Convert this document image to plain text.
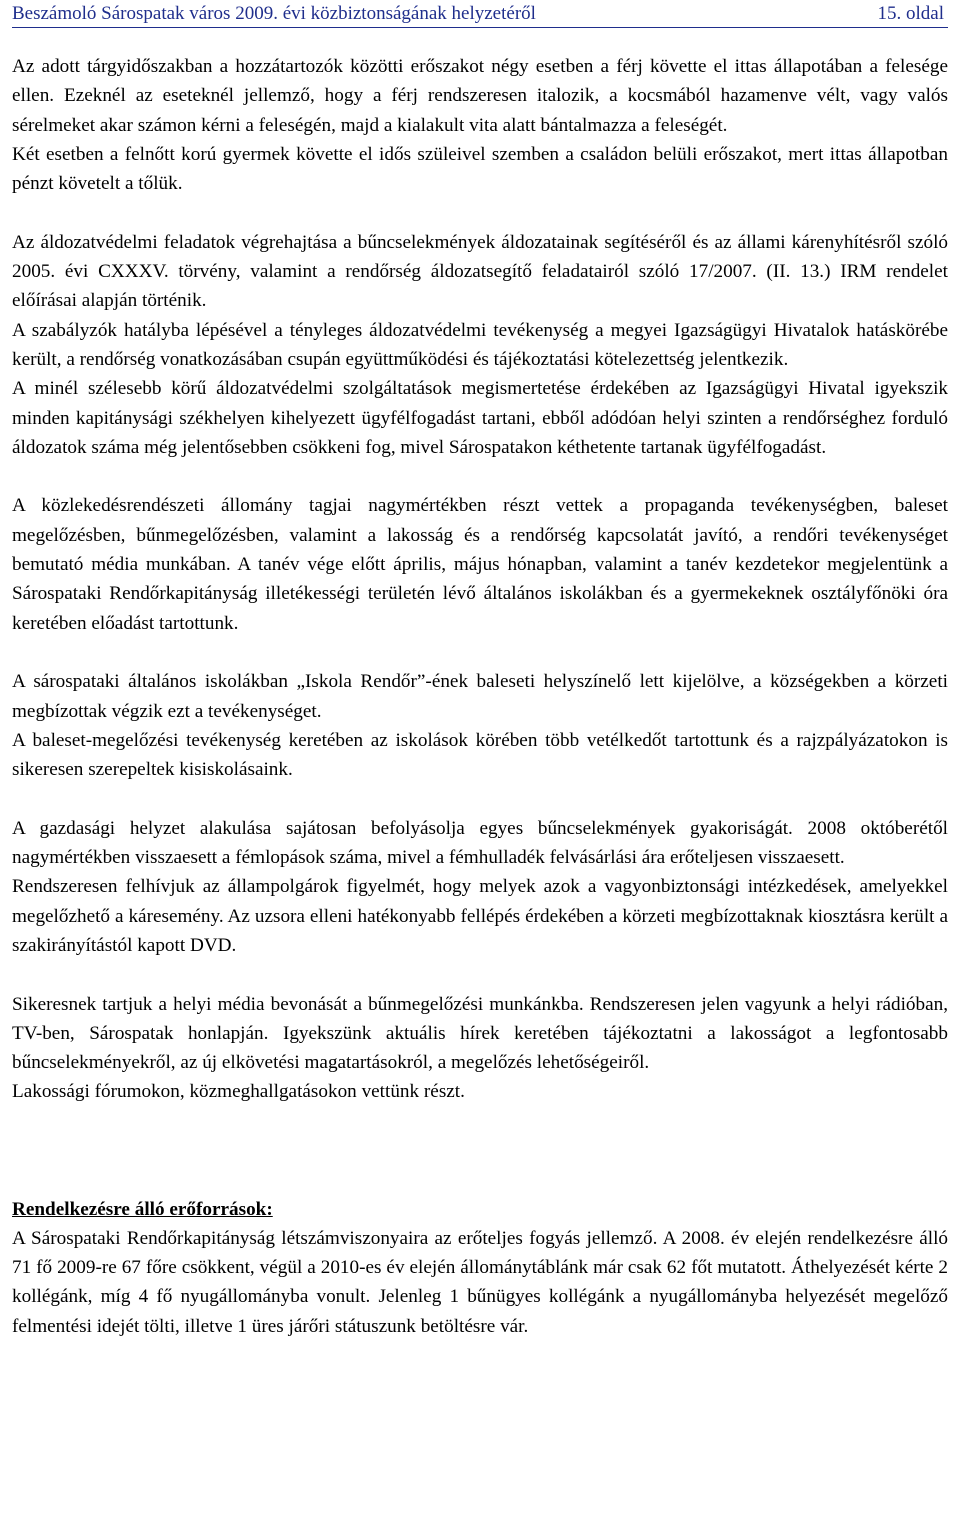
Beszámoló Sárospatak város 2009. évi közbiztonságának helyzetéről	15. oldal

Az adott tárgyidőszakban a hozzátartozók közötti erőszakot négy esetben a férj követte el ittas állapotában a felesége ellen. Ezeknél az eseteknél jellemző, hogy a férj rendszeresen italozik, a kocsmából hazamenve vélt, vagy valós sérelmeket akar számon kérni a feleségén, majd a kialakult vita alatt bántalmazza a feleségét.

Két esetben a felnőtt korú gyermek követte el idős szüleivel szemben a családon belüli erőszakot, mert ittas állapotban pénzt követelt a tőlük.

Az áldozatvédelmi feladatok végrehajtása a bűncselekmények áldozatainak segítéséről és az állami kárenyhítésről szóló 2005. évi CXXXV. törvény, valamint a rendőrség áldozatsegítő feladatairól szóló 17/2007. (II. 13.) IRM rendelet előírásai alapján történik.

A szabályzók hatályba lépésével a tényleges áldozatvédelmi tevékenység a megyei Igazságügyi Hivatalok hatáskörébe került, a rendőrség vonatkozásában csupán együttműködési és tájékoztatási kötelezettség jelentkezik.

A minél szélesebb körű áldozatvédelmi szolgáltatások megismertetése érdekében az Igazságügyi Hivatal igyekszik minden kapitánysági székhelyen kihelyezett ügyfélfogadást tartani, ebből adódóan helyi szinten a rendőrséghez forduló áldozatok száma még jelentősebben csökkeni fog, mivel Sárospatakon kéthetente tartanak ügyfélfogadást.

A közlekedésrendészeti állomány tagjai nagymértékben részt vettek a propaganda tevékenységben, baleset megelőzésben, bűnmegelőzésben, valamint a lakosság és a rendőrség kapcsolatát javító, a rendőri tevékenységet bemutató média munkában. A tanév vége előtt április, május hónapban, valamint a tanév kezdetekor megjelentünk a Sárospataki Rendőrkapitányság illetékességi területén lévő általános iskolákban és a gyermekeknek osztályfőnöki óra keretében előadást tartottunk.

A sárospataki általános iskolákban „Iskola Rendőr”-ének baleseti helyszínelő lett kijelölve, a községekben a körzeti megbízottak végzik ezt a tevékenységet.

A baleset-megelőzési tevékenység keretében az iskolások körében több vetélkedőt tartottunk és a rajzpályázatokon is sikeresen szerepeltek kisiskolásaink.

A gazdasági helyzet alakulása sajátosan befolyásolja egyes bűncselekmények gyakoriságát. 2008 októberétől nagymértékben visszaesett a fémlopások száma, mivel a fémhulladék felvásárlási ára erőteljesen visszaesett.

Rendszeresen felhívjuk az állampolgárok figyelmét, hogy melyek azok a vagyonbiztonsági intézkedések, amelyekkel megelőzhető a káresemény. Az uzsora elleni hatékonyabb fellépés érdekében a körzeti megbízottaknak kiosztásra került a szakirányítástól kapott DVD.

Sikeresnek tartjuk a helyi média bevonását a bűnmegelőzési munkánkba. Rendszeresen jelen vagyunk a helyi rádióban, TV-ben, Sárospatak honlapján. Igyekszünk aktuális hírek keretében tájékoztatni a lakosságot a legfontosabb bűncselekményekről, az új elkövetési magatartásokról, a megelőzés lehetőségeiről.

Lakossági fórumokon, közmeghallgatásokon vettünk részt.

Rendelkezésre álló erőforrások:

A Sárospataki Rendőrkapitányság létszámviszonyaira az erőteljes fogyás jellemző. A 2008. év elején rendelkezésre álló 71 fő 2009-re 67 főre csökkent, végül a 2010-es év elején állománytáblánk már csak 62 főt mutatott. Áthelyezését kérte 2 kollégánk, míg 4 fő nyugállományba vonult. Jelenleg 1 bűnügyes kollégánk a nyugállományba helyezését megelőző felmentési idejét tölti, illetve 1 üres járőri státuszunk betöltésre vár.
